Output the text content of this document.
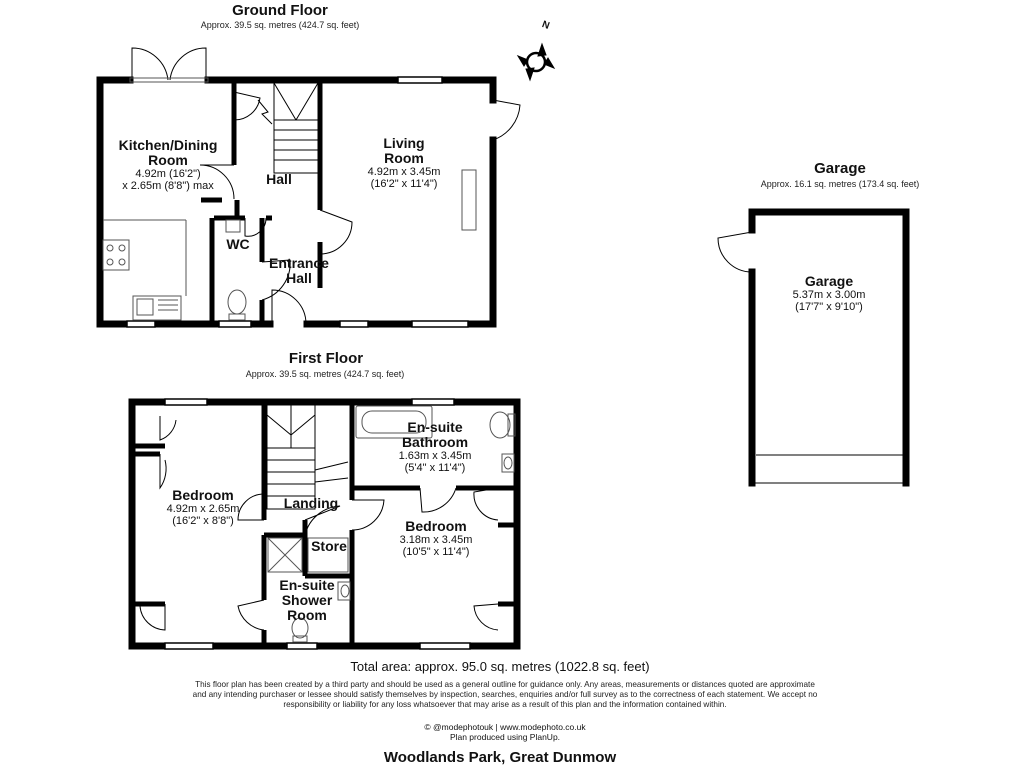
Ground Floor
Approx. 39.5 sq. metres (424.7 sq. feet)
Kitchen/Dining
Room
4.92m (16'2")
x 2.65m (8'8") max
Living
Room
4.92m x 3.45m
(16'2" x 11'4")
Hall
WC
Entrance
Hall
N
Garage
Approx. 16.1 sq. metres (173.4 sq. feet)
Garage
5.37m x 3.00m
(17'7" x 9'10")
First Floor
Approx. 39.5 sq. metres (424.7 sq. feet)
Bedroom
4.92m x 2.65m
(16'2" x 8'8")
Landing
Store
En-suite
Bathroom
1.63m x 3.45m
(5'4" x 11'4")
Bedroom
3.18m x 3.45m
(10'5" x 11'4")
En-suite
Shower
Room
Total area: approx. 95.0 sq. metres (1022.8 sq. feet)
This floor plan has been created by a third party and should be used as a general outline for guidance only. Any areas, measurements or distances quoted are approximate
and any intending purchaser or lessee should satisfy themselves by inspection, searches, enquiries and/or full survey as to the correctness of each statement. We accept no
responsibility or liability for any loss whatsoever that may arise as a result of this plan and the information contained within.
© @modephotouk | www.modephoto.co.uk
Plan produced using PlanUp.
Woodlands Park, Great Dunmow
